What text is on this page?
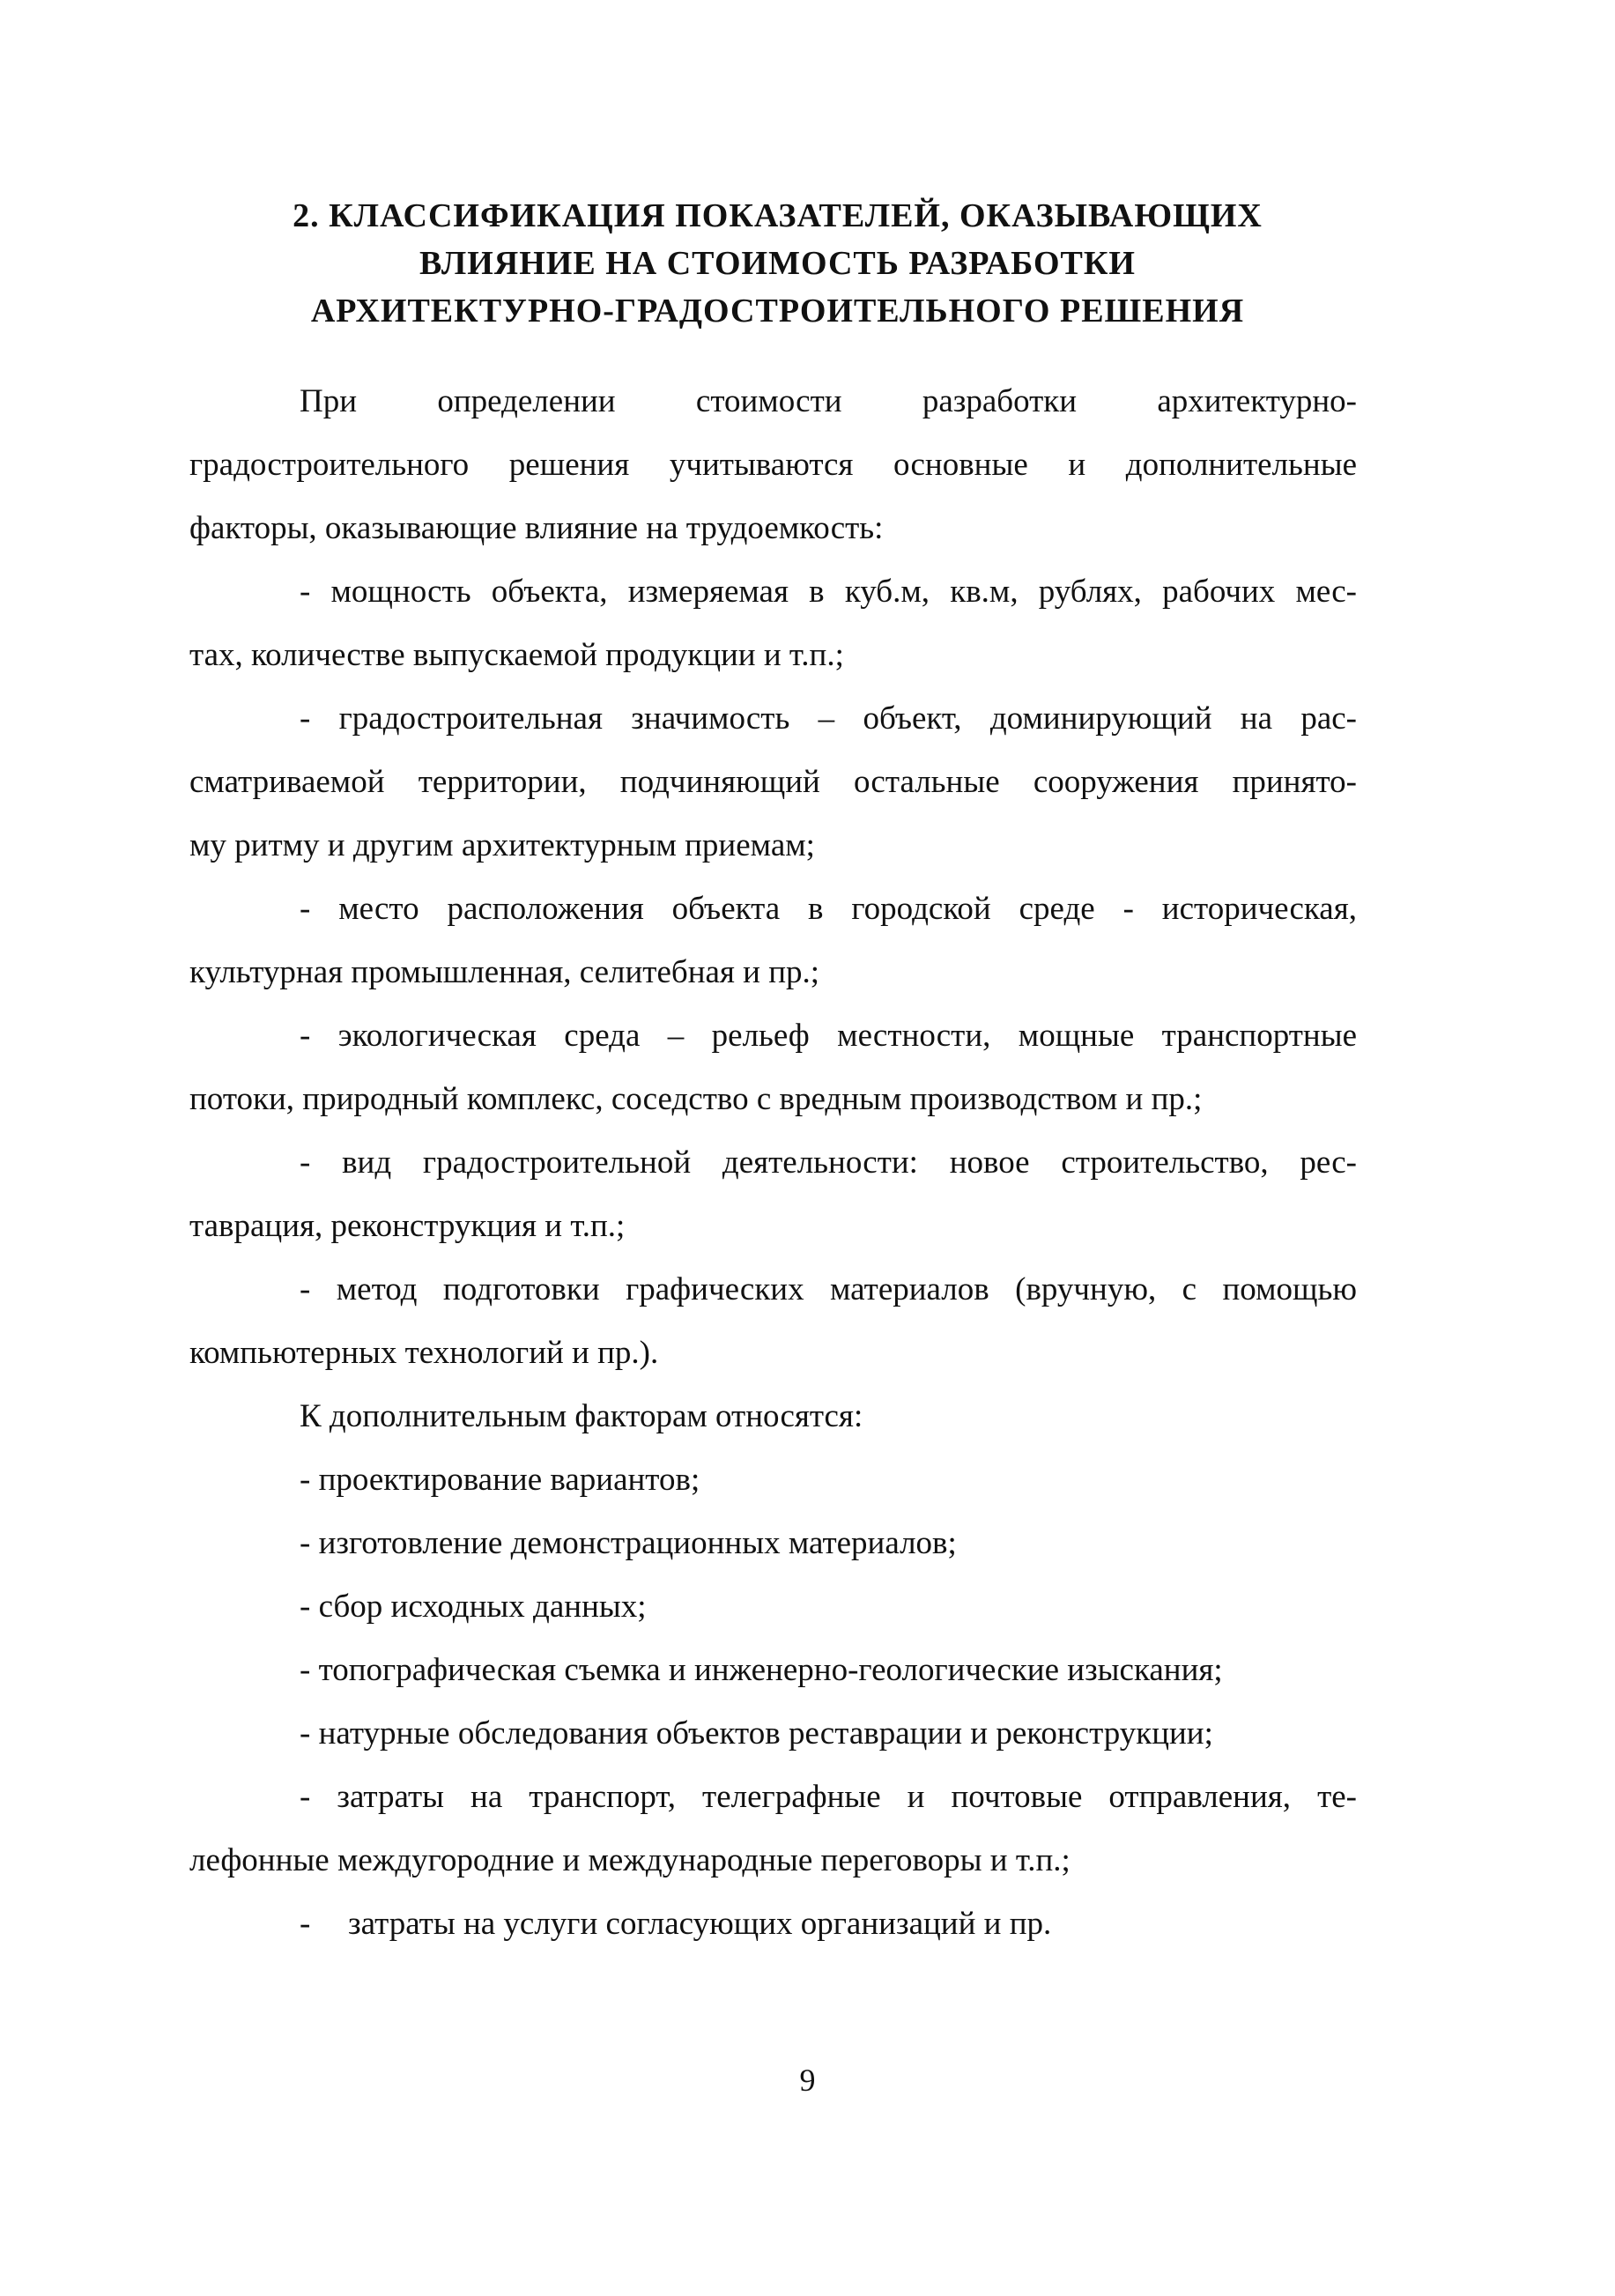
2. КЛАССИФИКАЦИЯ ПОКАЗАТЕЛЕЙ, ОКАЗЫВАЮЩИХ
ВЛИЯНИЕ НА СТОИМОСТЬ РАЗРАБОТКИ
АРХИТЕКТУРНО-ГРАДОСТРОИТЕЛЬНОГО РЕШЕНИЯ

При определении стоимости разработки архитектурно-
градостроительного решения учитываются основные и дополнительные
факторы, оказывающие влияние на трудоемкость:

- мощность объекта, измеряемая в куб.м, кв.м, рублях, рабочих мес-
тах, количестве выпускаемой продукции и т.п.;

- градостроительная значимость – объект, доминирующий на рас-
сматриваемой территории, подчиняющий остальные сооружения принято-
му ритму и другим архитектурным приемам;

- место расположения объекта в городской среде - историческая,
культурная промышленная, селитебная и пр.;

- экологическая среда – рельеф местности, мощные транспортные
потоки, природный комплекс, соседство с вредным производством и пр.;

- вид градостроительной деятельности: новое строительство, рес-
таврация, реконструкция и т.п.;

- метод подготовки графических материалов (вручную, с помощью
компьютерных технологий и пр.).

К дополнительным факторам относятся:

- проектирование вариантов;

- изготовление демонстрационных материалов;

- сбор исходных данных;

- топографическая съемка и инженерно-геологические изыскания;

- натурные обследования объектов реставрации и реконструкции;

- затраты на транспорт, телеграфные и почтовые отправления, те-
лефонные междугородние и международные переговоры и т.п.;

- затраты на услуги согласующих организаций и пр.

9
